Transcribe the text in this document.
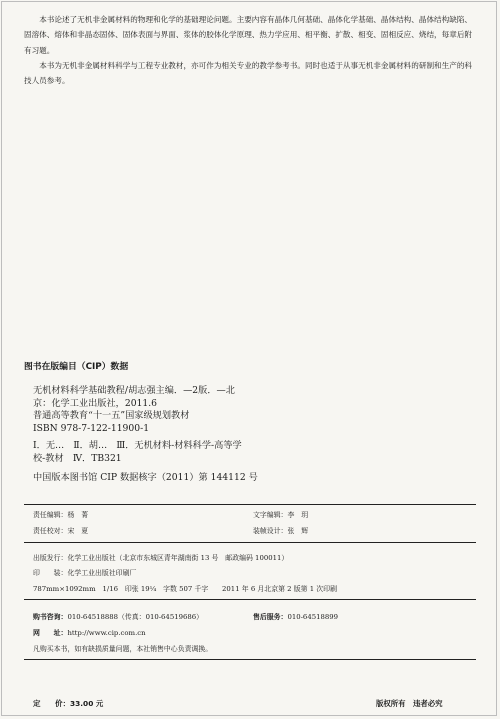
本书论述了无机非金属材料的物理和化学的基础理论问题。主要内容有晶体几何基础、晶体化学基础、晶体结构、晶体结构缺陷、固溶体、熔体和非晶态固体、固体表面与界面、浆体的胶体化学原理、热力学应用、相平衡、扩散、相变、固相反应、烧结，每章后附有习题。

本书为无机非金属材料科学与工程专业教材，亦可作为相关专业的教学参考书。同时也适于从事无机非金属材料的研制和生产的科技人员参考。

图书在版编目（CIP）数据
无机材料科学基础教程/胡志强主编．—2版．—北
京：化学工业出版社，2011.6
普通高等教育“十一五”国家级规划教材
ISBN 978-7-122-11900-1
Ⅰ．无…　Ⅱ．胡…　Ⅲ．无机材料-材料科学-高等学
校-教材　Ⅳ．TB321
中国版本图书馆 CIP 数据核字（2011）第 144112 号
责任编辑：杨　菁	文字编辑：李　玥
责任校对：宋　夏	装帧设计：张　辉
出版发行：化学工业出版社（北京市东城区青年湖南街 13 号　邮政编码 100011）
印　　装：化学工业出版社印刷厂
787mm×1092mm　1/16　印张 19¼　字数 507 千字　　2011 年 6 月北京第 2 版第 1 次印刷
购书咨询：010-64518888（传真：010-64519686）	售后服务：010-64518899
网　　址：http://www.cip.com.cn
凡购买本书，如有缺损质量问题，本社销售中心负责调换。
定　　价：33.00 元	版权所有　违者必究
